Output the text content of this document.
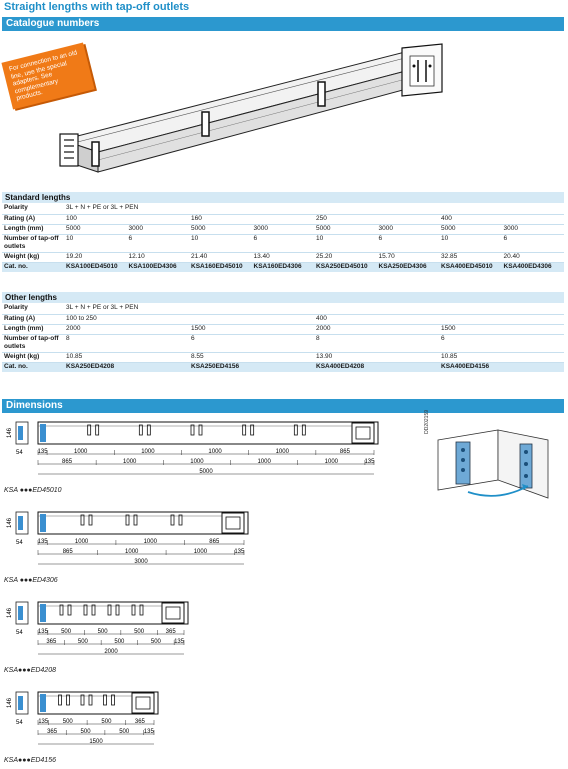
Straight lengths with tap-off outlets
Catalogue numbers
For connection to an old line, use the special adapters. See complementary products.
Standard lengths
Polarity	3L + N + PE or 3L + PEN							
Rating (A)	100		160		250		400	
Length (mm)	5000	3000	5000	3000	5000	3000	5000	3000
Number of tap-off outlets	10	6	10	6	10	6	10	6
Weight (kg)	19.20	12.10	21.40	13.40	25.20	15.70	32.85	20.40
Cat. no.	KSA100ED45010	KSA100ED4306	KSA160ED45010	KSA160ED4306	KSA250ED45010	KSA250ED4306	KSA400ED45010	KSA400ED4306
Other lengths
Polarity	3L + N + PE or 3L + PEN			
Rating (A)	100 to 250		400	
Length (mm)	2000	1500	2000	1500
Number of tap-off outlets	8	6	8	6
Weight (kg)	10.85	8.55	13.90	10.85
Cat. no.	KSA250ED4208	KSA250ED4156	KSA400ED4208	KSA400ED4156
Dimensions
146
54 135	1000	1000	1000	1000	865
865	1000	1000	1000	1000	135
5000
KSA ●●●ED45010
146
54 135	1000	1000	865
865	1000	1000	135
3000
KSA ●●●ED4306
146
54	135 500	500	500	365
365	500	500	500 135
2000
KSA●●●ED4208
146
54	135 500	500	365
365	500	500 135
1500
KSA●●●ED4156
DD202159
